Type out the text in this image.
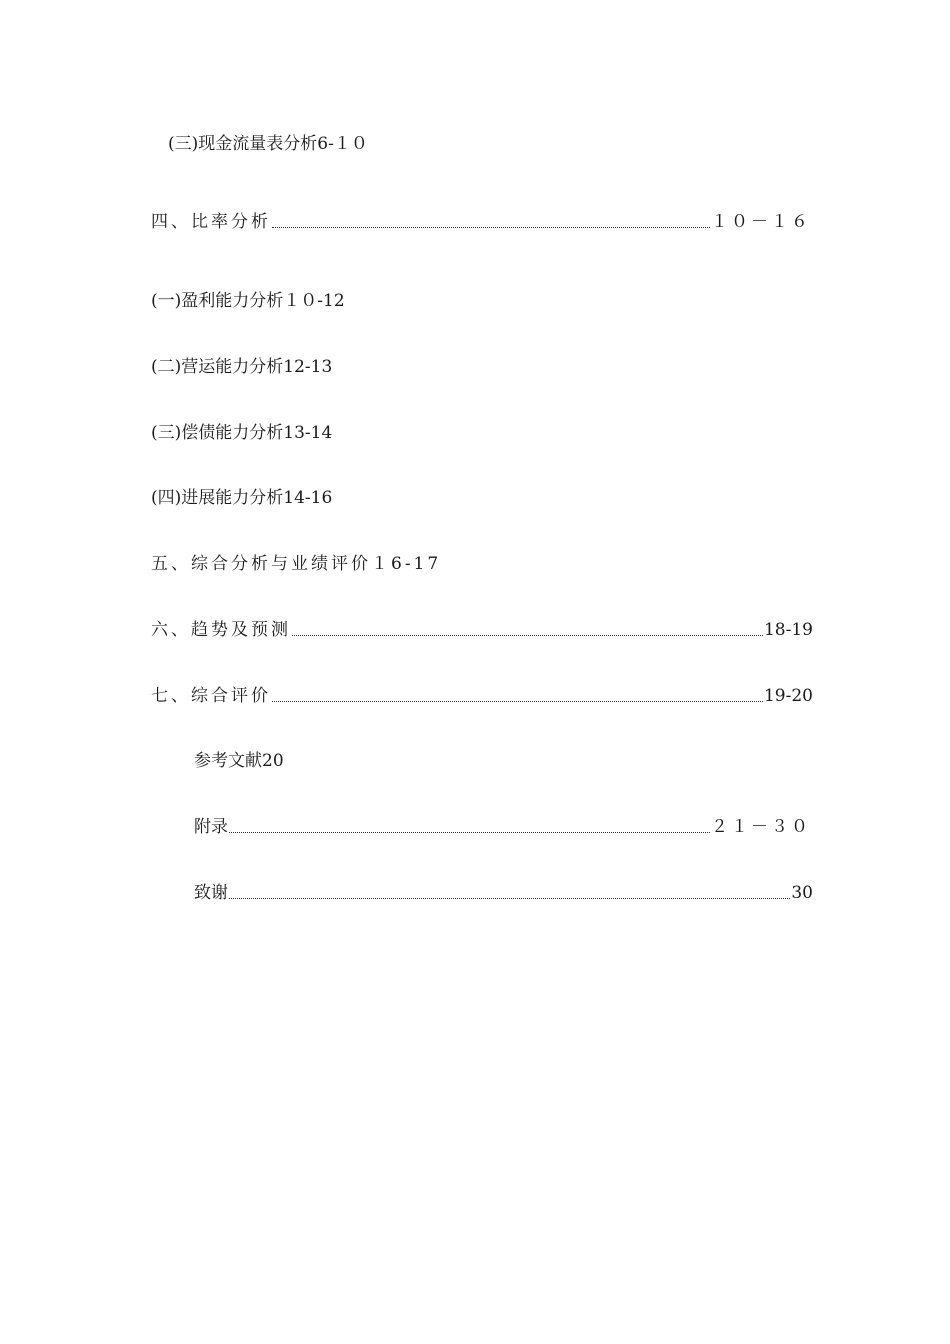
(三)现金流量表分析6-１０
四、比率分析	１０－１６
(一)盈利能力分析１０-12
(二)营运能力分析12-13
(三)偿债能力分析13-14
(四)进展能力分析14-16
五、综合分析与业绩评价１6-17
六、趋势及预测	18-19
七、综合评价	19-20
参考文献20
附录	２１－３０
致谢	30
